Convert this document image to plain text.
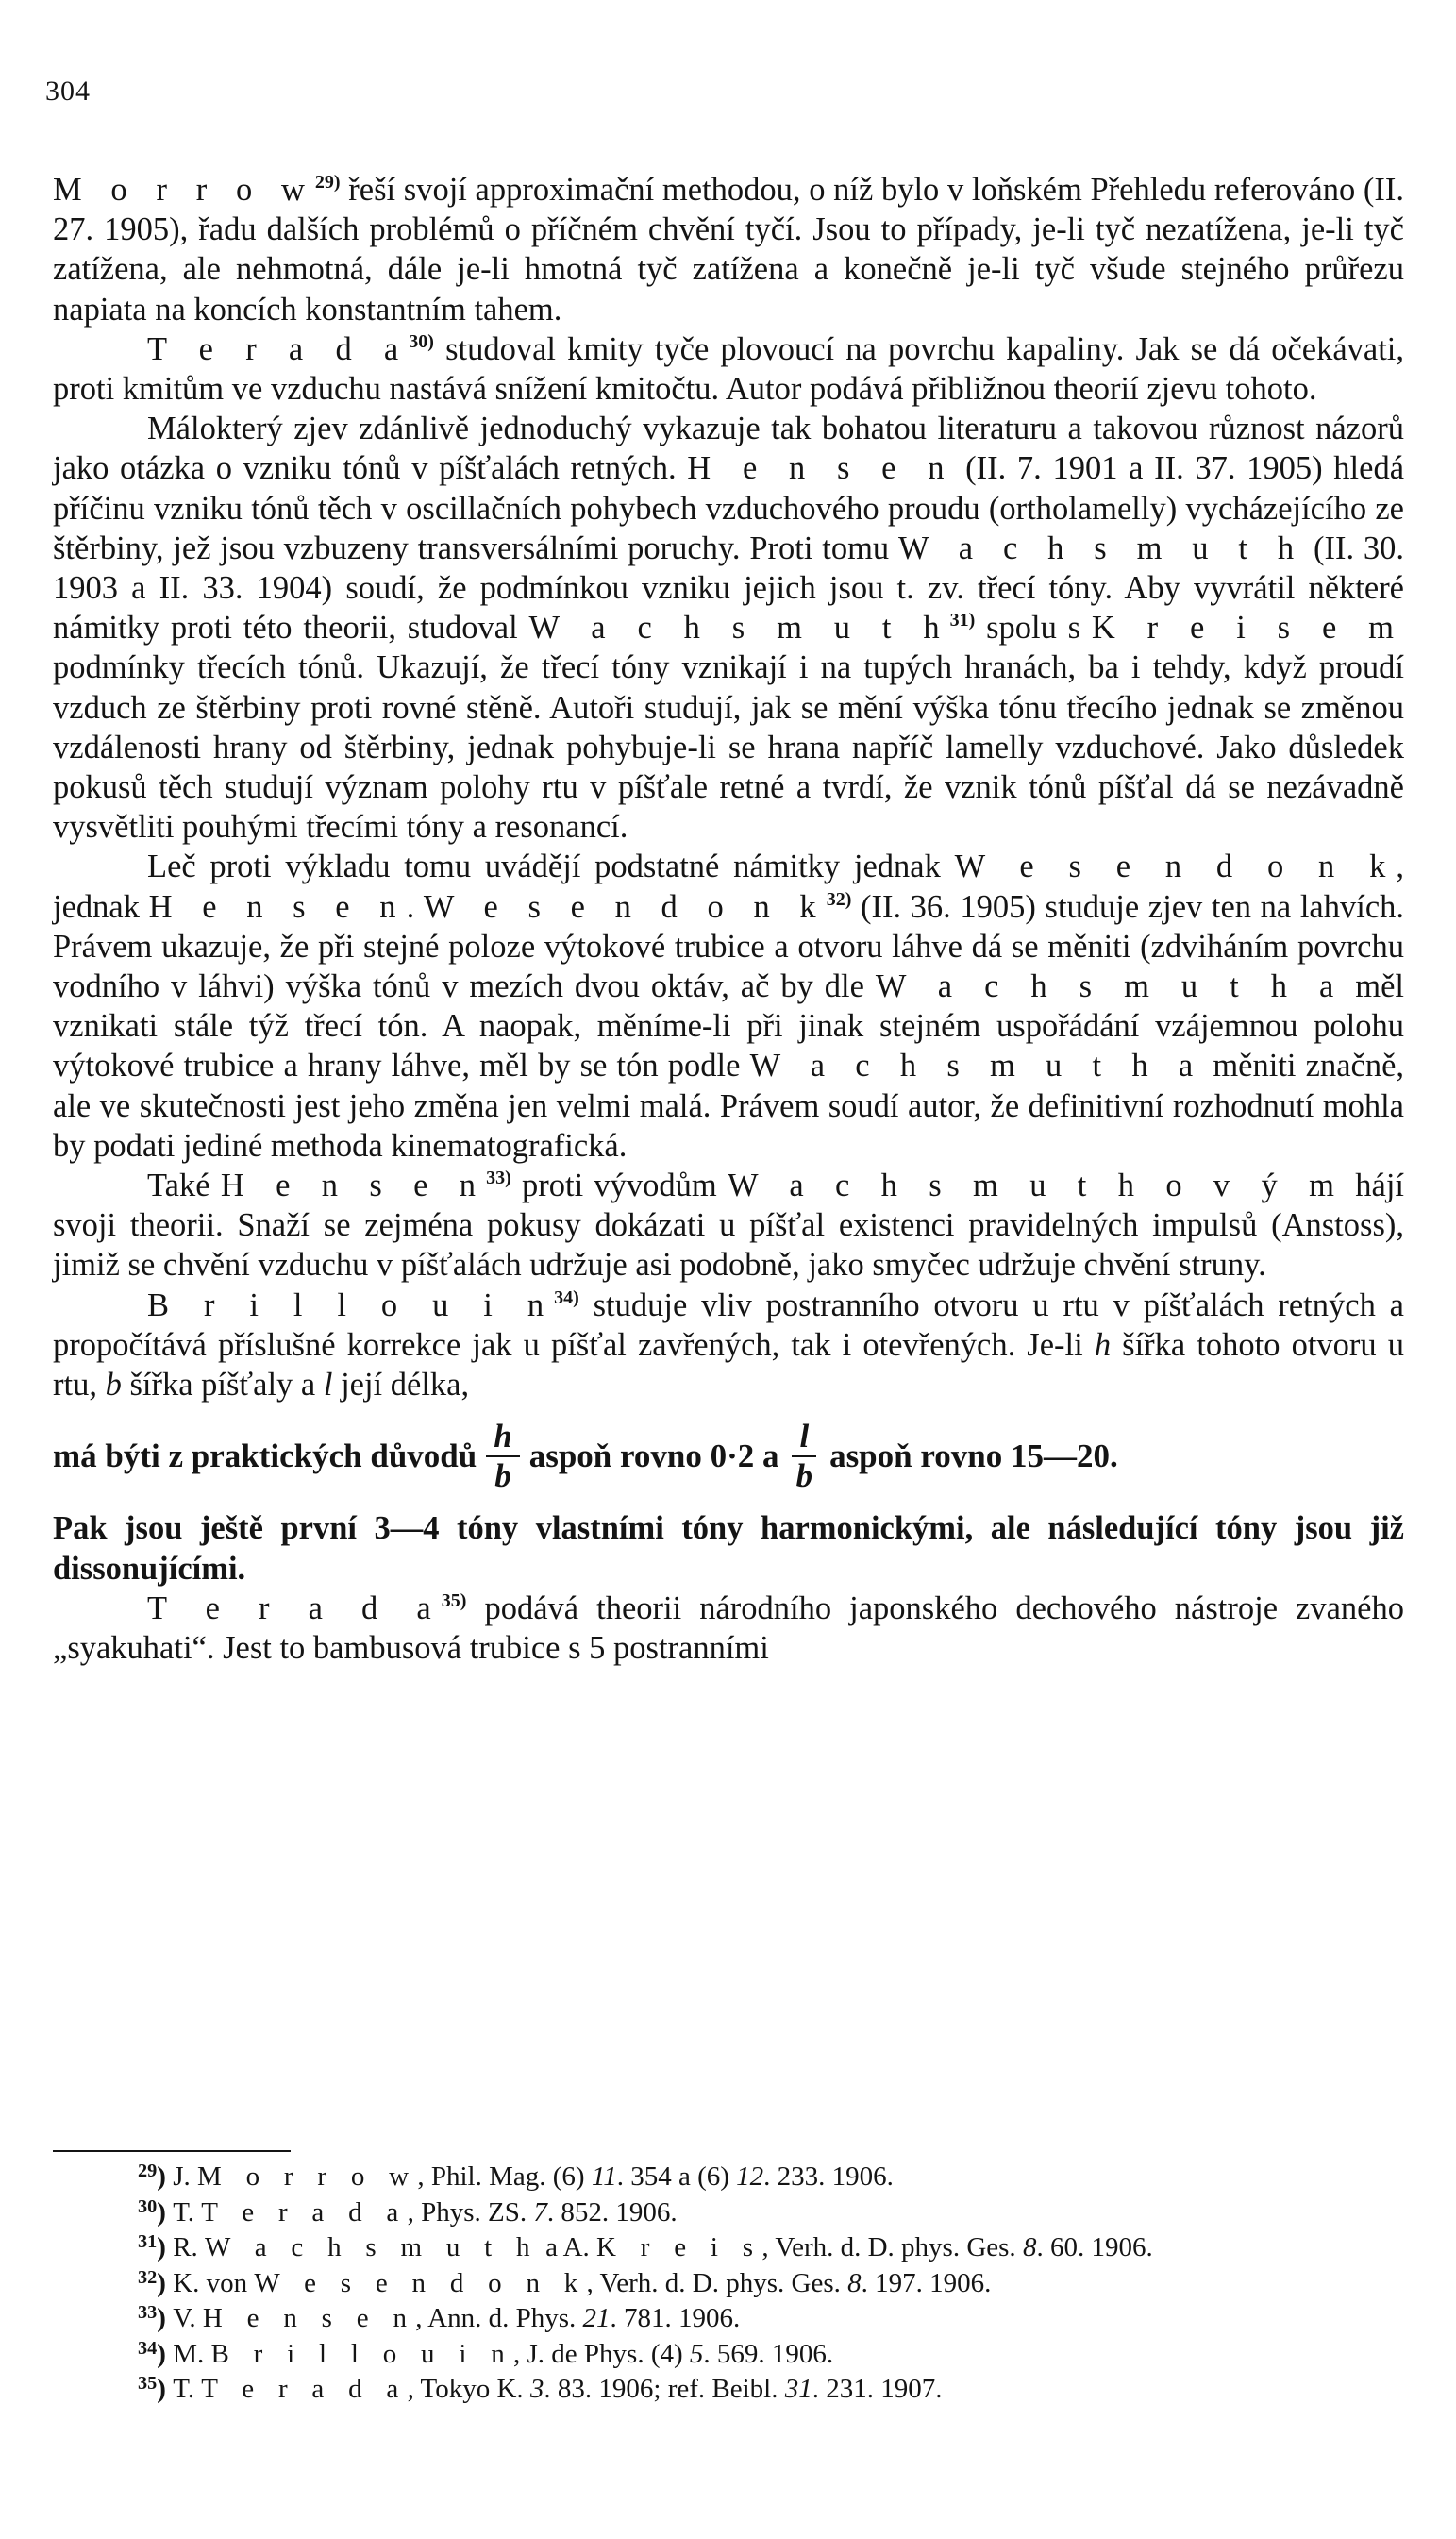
304

M o r r o w$^{29)}$ řeší svojí approximační methodou, o níž bylo v loňském Přehledu referováno (II. 27. 1905), řadu dalších problémů o příčném chvění tyčí. Jsou to případy, je-li tyč nezatížena, je-li tyč zatížena, ale nehmotná, dále je-li hmotná tyč zatížena a konečně je-li tyč všude stejného průřezu napiata na koncích konstantním tahem.

T e r a d a$^{30)}$ studoval kmity tyče plovoucí na povrchu kapaliny. Jak se dá očekávati, proti kmitům ve vzduchu nastává snížení kmitočtu. Autor podává přibližnou theorií zjevu tohoto.

Málokterý zjev zdánlivě jednoduchý vykazuje tak bohatou literaturu a takovou různost názorů jako otázka o vzniku tónů v píšťalách retných. H e n s e n (II. 7. 1901 a II. 37. 1905) hledá příčinu vzniku tónů těch v oscillačních pohybech vzduchového proudu (ortholamelly) vycházejícího ze štěrbiny, jež jsou vzbuzeny transversálními poruchy. Proti tomu W a c h s m u t h (II. 30. 1903 a II. 33. 1904) soudí, že podmínkou vzniku jejich jsou t. zv. třecí tóny. Aby vyvrátil některé námitky proti této theorii, studoval W a c h s m u t h$^{31)}$ spolu s K r e i s e m podmínky třecích tónů. Ukazují, že třecí tóny vznikají i na tupých hranách, ba i tehdy, když proudí vzduch ze štěrbiny proti rovné stěně. Autoři studují, jak se mění výška tónu třecího jednak se změnou vzdálenosti hrany od štěrbiny, jednak pohybuje-li se hrana napříč lamelly vzduchové. Jako důsledek pokusů těch studují význam polohy rtu v píšťale retné a tvrdí, že vznik tónů píšťal dá se nezávadně vysvětliti pouhými třecími tóny a resonancí.

Leč proti výkladu tomu uvádějí podstatné námitky jednak W e s e n d o n k, jednak H e n s e n. W e s e n d o n k$^{32)}$ (II. 36. 1905) studuje zjev ten na lahvích. Právem ukazuje, že při stejné poloze výtokové trubice a otvoru láhve dá se měniti (zdviháním povrchu vodního v láhvi) výška tónů v mezích dvou oktáv, ač by dle W a c h s m u t h a měl vznikati stále týž třecí tón. A naopak, měníme-li při jinak stejném uspořádání vzájemnou polohu výtokové trubice a hrany láhve, měl by se tón podle W a c h s m u t h a měniti značně, ale ve skutečnosti jest jeho změna jen velmi malá. Právem soudí autor, že definitivní rozhodnutí mohla by podati jediné methoda kinematografická.

Také H e n s e n$^{33)}$ proti vývodům W a c h s m u t h o v ý m hájí svoji theorii. Snaží se zejména pokusy dokázati u píšťal existenci pravidelných impulsů (Anstoss), jimiž se chvění vzduchu v píšťalách udržuje asi podobně, jako smyčec udržuje chvění struny.

B r i l l o u i n$^{34)}$ studuje vliv postranního otvoru u rtu v píšťalách retných a propočítává příslušné korrekce jak u píšťal zavřených, tak i otevřených. Je-li h šířka tohoto otvoru u rtu, b šířka píšťaly a l její délka,

má býti z praktických důvodů $\frac{h}{b}$ aspoň rovno 0·2 a $\frac{l}{b}$ aspoň rovno 15—20.

Pak jsou ještě první 3—4 tóny vlastními tóny harmonickými, ale následující tóny jsou již dissonujícími.

T e r a d a$^{35)}$ podává theorii národního japonského dechového nástroje zvaného „syakuhati“. Jest to bambusová trubice s 5 postranními

$^{29}$) J. M o r r o w, Phil. Mag. (6) 11. 354 a (6) 12. 233. 1906.
$^{30}$) T. T e r a d a, Phys. ZS. 7. 852. 1906.
$^{31}$) R. W a c h s m u t h a A. K r e i s, Verh. d. D. phys. Ges. 8. 60. 1906.
$^{32}$) K. von W e s e n d o n k, Verh. d. D. phys. Ges. 8. 197. 1906.
$^{33}$) V. H e n s e n, Ann. d. Phys. 21. 781. 1906.
$^{34}$) M. B r i l l o u i n, J. de Phys. (4) 5. 569. 1906.
$^{35}$) T. T e r a d a, Tokyo K. 3. 83. 1906; ref. Beibl. 31. 231. 1907.
